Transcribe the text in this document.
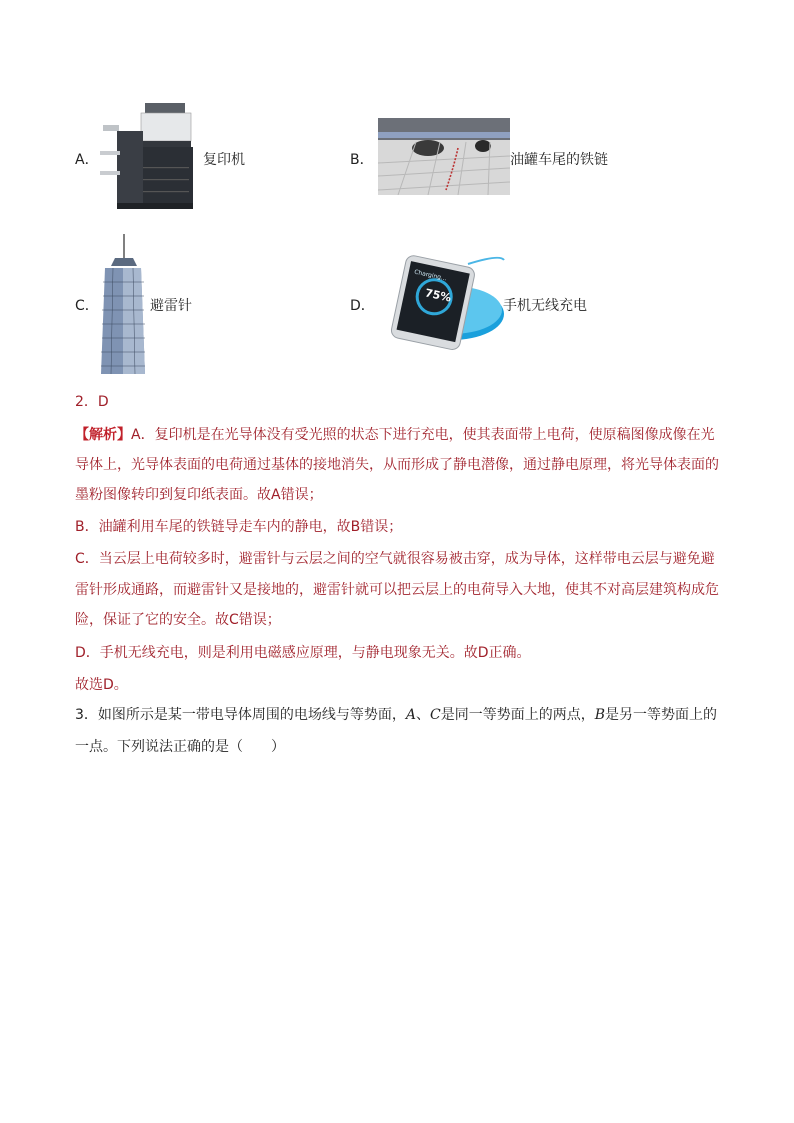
A．	复印机	B．	油罐车尾的铁链
C．	避雷针	D．
Charging...
75%
手机无线充电
2．D
【解析】A．复印机是在光导体没有受光照的状态下进行充电，使其表面带上电荷，使原稿图像成像在光
导体上，光导体表面的电荷通过基体的接地消失，从而形成了静电潜像，通过静电原理，将光导体表面的
墨粉图像转印到复印纸表面。故A错误；
B．油罐利用车尾的铁链导走车内的静电，故B错误；
C．当云层上电荷较多时，避雷针与云层之间的空气就很容易被击穿，成为导体，这样带电云层与避免避
雷针形成通路，而避雷针又是接地的，避雷针就可以把云层上的电荷导入大地，使其不对高层建筑构成危
险，保证了它的安全。故C错误；
D．手机无线充电，则是利用电磁感应原理，与静电现象无关。故D正确。
故选D。
3．如图所示是某一带电导体周围的电场线与等势面，A、C是同一等势面上的两点，B是另一等势面上的
一点。下列说法正确的是（　　）
